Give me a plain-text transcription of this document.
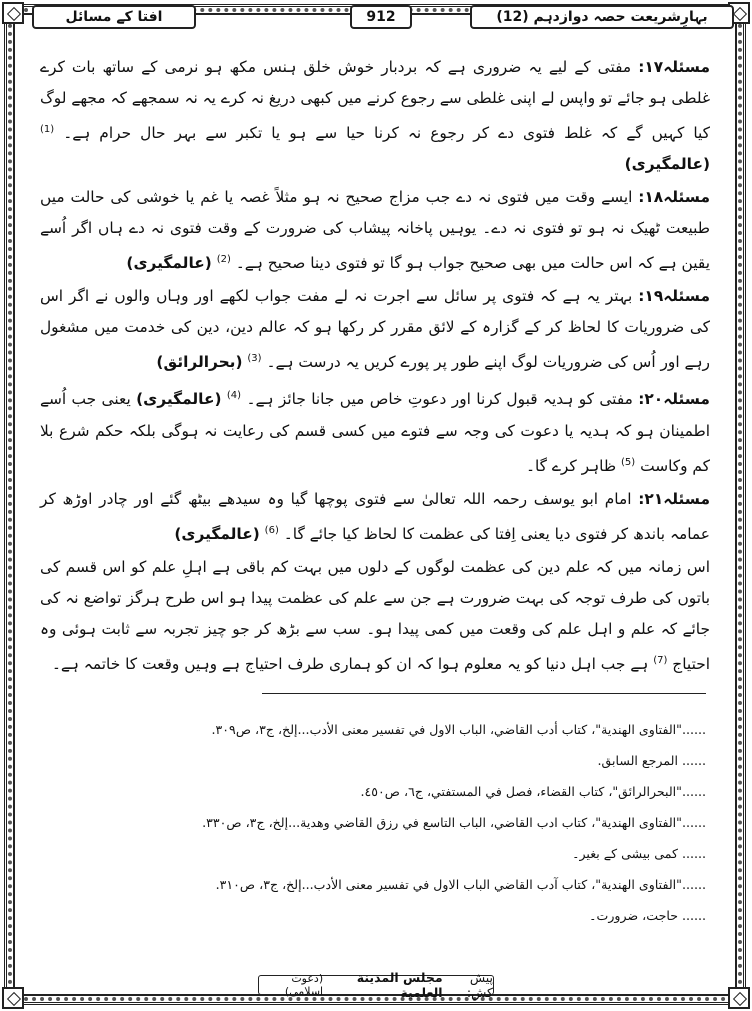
بہارِشریعت حصہ دوازدہم (12)
912
افتا کے مسائل

مسئلہ۱۷: مفتی کے لیے یہ ضروری ہے کہ بردبار خوش خلق ہنس مکھ ہو نرمی کے ساتھ بات کرے غلطی ہو جائے تو واپس لے اپنی غلطی سے رجوع کرنے میں کبھی دریغ نہ کرے یہ نہ سمجھے کہ مجھے لوگ کیا کہیں گے کہ غلط فتوی دے کر رجوع نہ کرنا حیا سے ہو یا تکبر سے بہر حال حرام ہے۔ $^{(1)}$ (عالمگیری)

مسئلہ۱۸: ایسے وقت میں فتوی نہ دے جب مزاج صحیح نہ ہو مثلاً غصہ یا غم یا خوشی کی حالت میں طبیعت ٹھیک نہ ہو تو فتوی نہ دے۔ یوہیں پاخانہ پیشاب کی ضرورت کے وقت فتوی نہ دے ہاں اگر اُسے یقین ہے کہ اس حالت میں بھی صحیح جواب ہو گا تو فتوی دینا صحیح ہے۔ $^{(2)}$ (عالمگیری)

مسئلہ۱۹: بہتر یہ ہے کہ فتوی پر سائل سے اجرت نہ لے مفت جواب لکھے اور وہاں والوں نے اگر اس کی ضروریات کا لحاظ کر کے گزارہ کے لائق مقرر کر رکھا ہو کہ عالم دین، دین کی خدمت میں مشغول رہے اور اُس کی ضروریات لوگ اپنے طور پر پورے کریں یہ درست ہے۔ $^{(3)}$ (بحرالرائق)

مسئلہ۲۰: مفتی کو ہدیہ قبول کرنا اور دعوتِ خاص میں جانا جائز ہے۔ $^{(4)}$ (عالمگیری) یعنی جب اُسے اطمینان ہو کہ ہدیہ یا دعوت کی وجہ سے فتوے میں کسی قسم کی رعایت نہ ہوگی بلکہ حکم شرع بلا کم وکاست $^{(5)}$ ظاہر کرے گا۔

مسئلہ۲۱: امام ابو یوسف رحمہ اللہ تعالیٰ سے فتوی پوچھا گیا وہ سیدھے بیٹھ گئے اور چادر اوڑھ کر عمامہ باندھ کر فتوی دیا یعنی اِفتا کی عظمت کا لحاظ کیا جائے گا۔ $^{(6)}$ (عالمگیری)

اس زمانہ میں کہ علم دین کی عظمت لوگوں کے دلوں میں بہت کم باقی ہے اہلِ علم کو اس قسم کی باتوں کی طرف توجہ کی بہت ضرورت ہے جن سے علم کی عظمت پیدا ہو اس طرح ہرگز تواضع نہ کی جائے کہ علم و اہل علم کی وقعت میں کمی پیدا ہو۔ سب سے بڑھ کر جو چیز تجربہ سے ثابت ہوئی وہ احتیاج $^{(7)}$ ہے جب اہل دنیا کو یہ معلوم ہوا کہ ان کو ہماری طرف احتیاج ہے وہیں وقعت کا خاتمہ ہے۔

......"الفتاوی الهندية"، كتاب أدب القاضي، الباب الاول في تفسير معنى الأدب...إلخ، ج٣، ص٣٠٩.
...... المرجع السابق.
......"البحرالرائق"، كتاب القضاء، فصل في المستفتي، ج٦، ص٤٥٠.
......"الفتاوی الهندية"، كتاب ادب القاضي، الباب التاسع في رزق القاضي وهدية...إلخ، ج٣، ص٣٣٠.
...... کمی بیشی کے بغیر۔
......"الفتاوی الهندية"، كتاب آدب القاضي الباب الاول في تفسير معنى الأدب...إلخ، ج٣، ص٣١٠.
...... حاجت، ضرورت۔
پیش کش:

مجلس المدينة العلمية

(دعوت اسلامی)
